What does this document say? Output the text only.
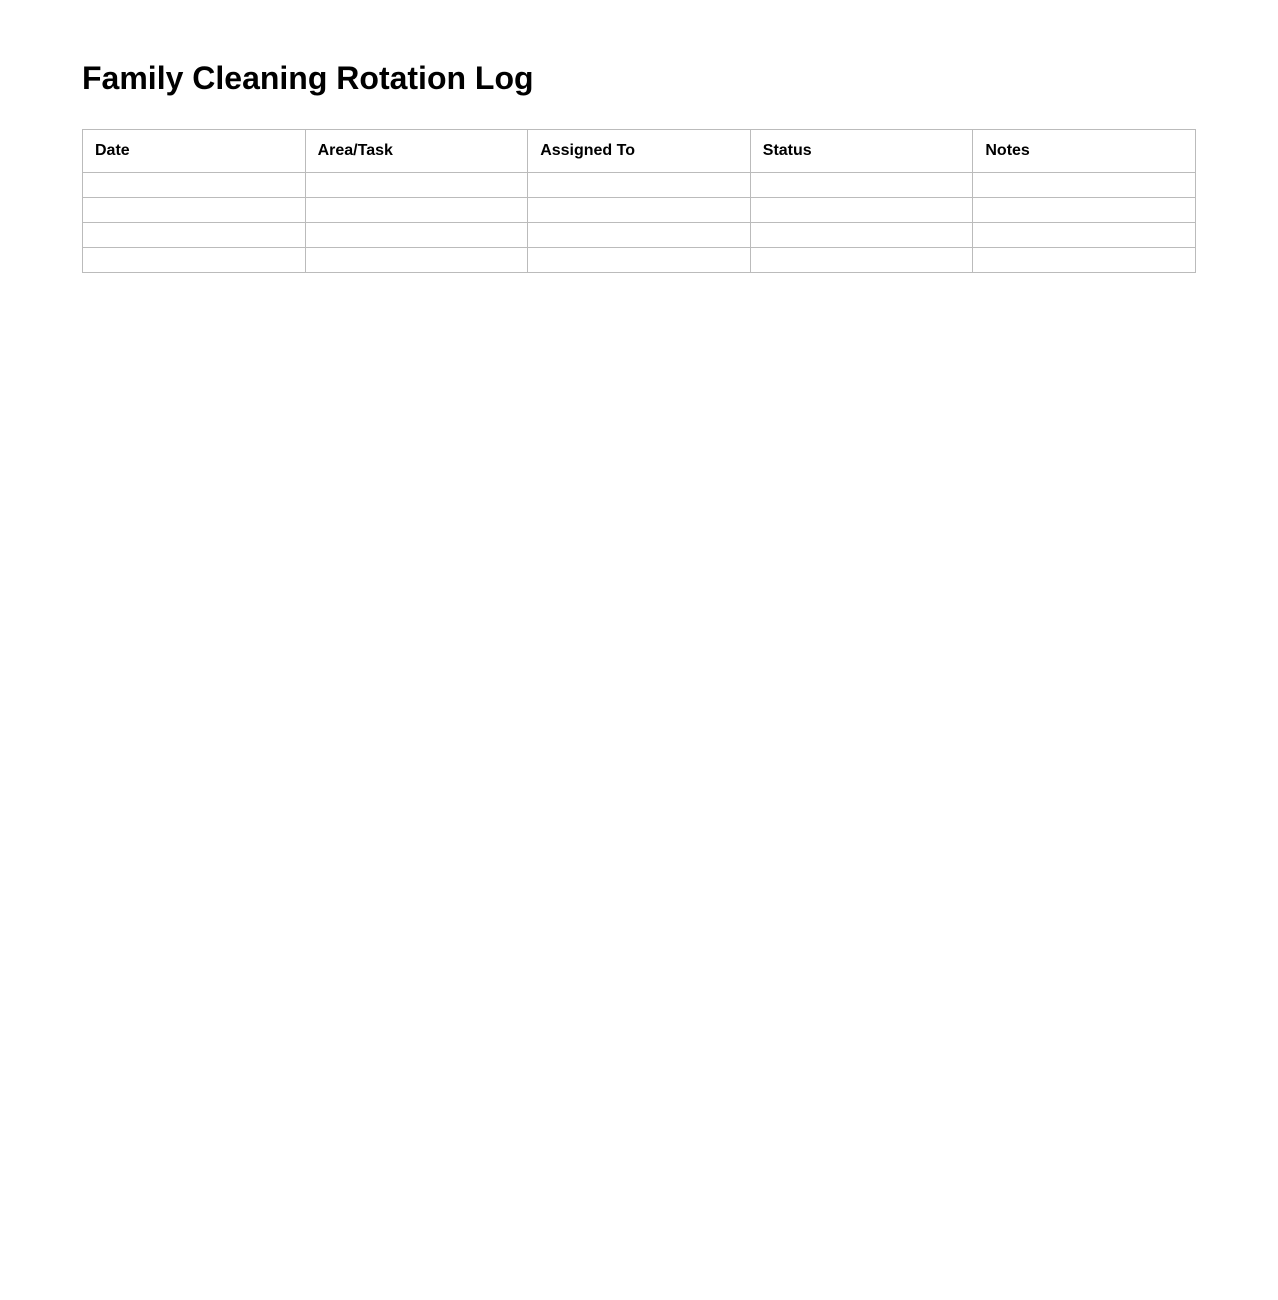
Family Cleaning Rotation Log
Date	Area/Task	Assigned To	Status	Notes
